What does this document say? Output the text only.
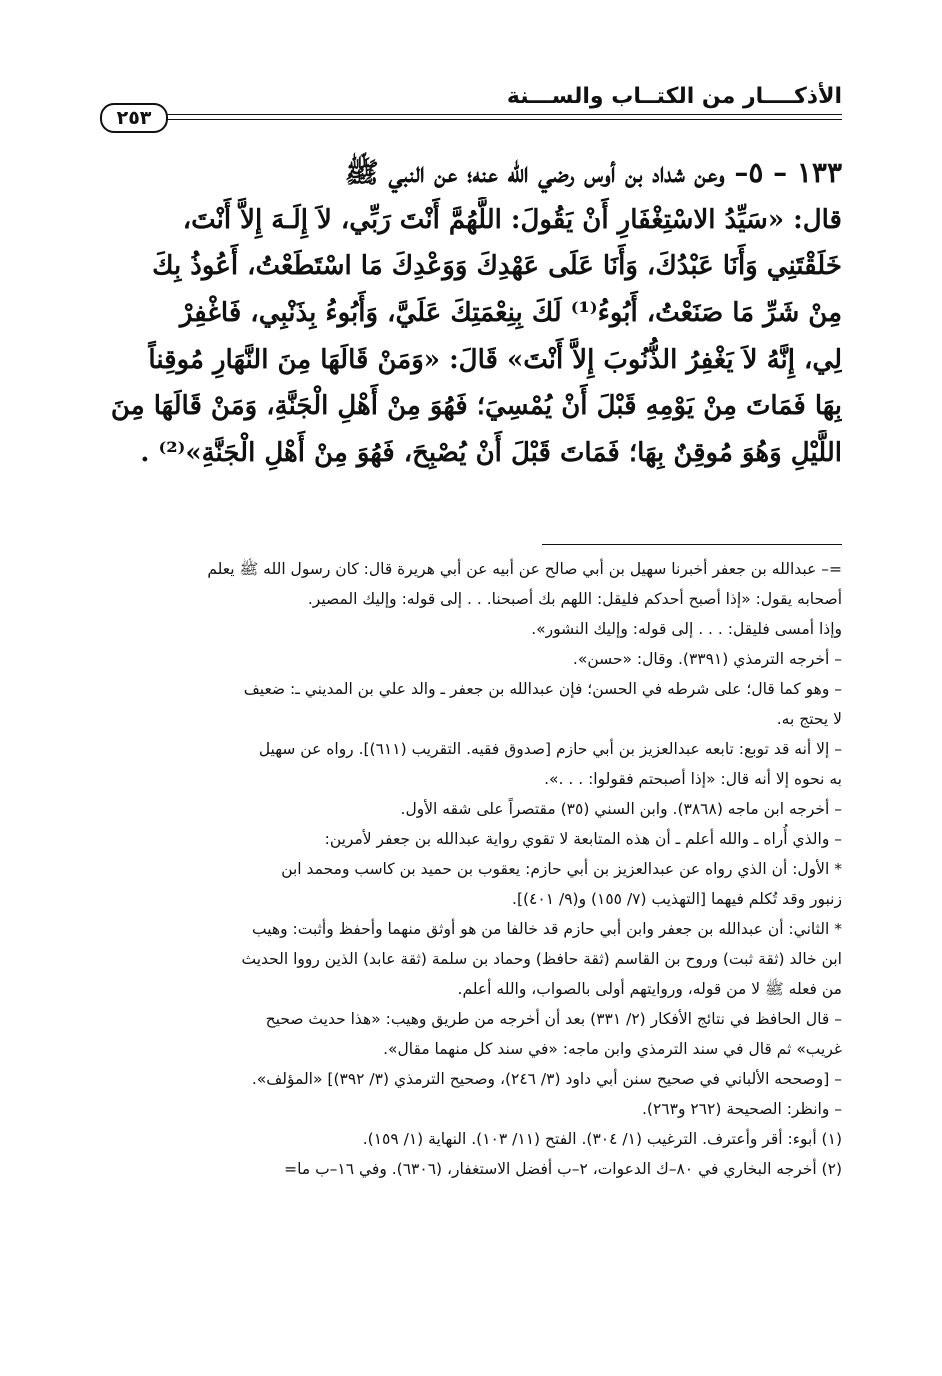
الأذكــــار من الكتــاب والســـنة
٢٥٣
١٣٣ – ٥– وعن شداد بن أوس رضي الله عنه؛ عن النبي ﷺ
قال: «سَيِّدُ الاسْتِغْفَارِ أَنْ يَقُولَ: اللَّهُمَّ أَنْتَ رَبِّي، لاَ إِلَـهَ إِلاَّ أَنْتَ،
خَلَقْتَنِي وَأَنَا عَبْدُكَ، وَأَنَا عَلَى عَهْدِكَ وَوَعْدِكَ مَا اسْتَطَعْتُ، أَعُوذُ بِكَ
مِنْ شَرِّ مَا صَنَعْتُ، أَبُوءُ⁽¹⁾ لَكَ بِنِعْمَتِكَ عَلَيَّ، وَأَبُوءُ بِذَنْبِي، فَاغْفِرْ
لِي، إِنَّهُ لاَ يَغْفِرُ الذُّنُوبَ إِلاَّ أَنْتَ» قَالَ: «وَمَنْ قَالَهَا مِنَ النَّهَارِ مُوقِناً
بِهَا فَمَاتَ مِنْ يَوْمِهِ قَبْلَ أَنْ يُمْسِيَ؛ فَهُوَ مِنْ أَهْلِ الْجَنَّةِ، وَمَنْ قَالَهَا مِنَ
اللَّيْلِ وَهُوَ مُوقِنٌ بِهَا؛ فَمَاتَ قَبْلَ أَنْ يُصْبِحَ، فَهُوَ مِنْ أَهْلِ الْجَنَّةِ»⁽²⁾ .
=– عبدالله بن جعفر أخبرنا سهيل بن أبي صالح عن أبيه عن أبي هريرة قال: كان رسول الله ﷺ يعلم
أصحابه يقول: «إذا أصبح أحدكم فليقل: اللهم بك أصبحنا. . . إلى قوله: وإليك المصير.
وإذا أمسى فليقل: . . . إلى قوله: وإليك النشور».
– أخرجه الترمذي (٣٣٩١). وقال: «حسن».
– وهو كما قال؛ على شرطه في الحسن؛ فإن عبدالله بن جعفر ـ والد علي بن المديني ـ: ضعيف
لا يحتج به.
– إلا أنه قد توبع: تابعه عبدالعزيز بن أبي حازم [صدوق فقيه. التقريب (٦١١)]. رواه عن سهيل
به نحوه إلا أنه قال: «إذا أصبحتم فقولوا: . . .».
– أخرجه ابن ماجه (٣٨٦٨). وابن السني (٣٥) مقتصراً على شقه الأول.
– والذي أُراه ـ والله أعلم ـ أن هذه المتابعة لا تقوي رواية عبدالله بن جعفر لأمرين:
* الأول: أن الذي رواه عن عبدالعزيز بن أبي حازم: يعقوب بن حميد بن كاسب ومحمد ابن
زنبور وقد تُكلم فيهما [التهذيب (٧/ ١٥٥) و(٩/ ٤٠١)].
* الثاني: أن عبدالله بن جعفر وابن أبي حازم قد خالفا من هو أوثق منهما وأحفظ وأثبت: وهيب
ابن خالد (ثقة ثبت) وروح بن القاسم (ثقة حافظ) وحماد بن سلمة (ثقة عابد) الذين رووا الحديث
من فعله ﷺ لا من قوله، وروايتهم أولى بالصواب، والله أعلم.
– قال الحافظ في نتائج الأفكار (٢/ ٣٣١) بعد أن أخرجه من طريق وهيب: «هذا حديث صحيح
غريب» ثم قال في سند الترمذي وابن ماجه: «في سند كل منهما مقال».
– [وصححه الألباني في صحيح سنن أبي داود (٣/ ٢٤٦)، وصحيح الترمذي (٣/ ٣٩٢)] «المؤلف».
– وانظر: الصحيحة (٢٦٢ و٢٦٣).
(١) أبوء: أقر وأعترف. الترغيب (١/ ٣٠٤). الفتح (١١/ ١٠٣). النهاية (١/ ١٥٩).
(٢) أخرجه البخاري في ٨٠–ك الدعوات، ٢–ب أفضل الاستغفار، (٦٣٠٦). وفي ١٦–ب ما=
